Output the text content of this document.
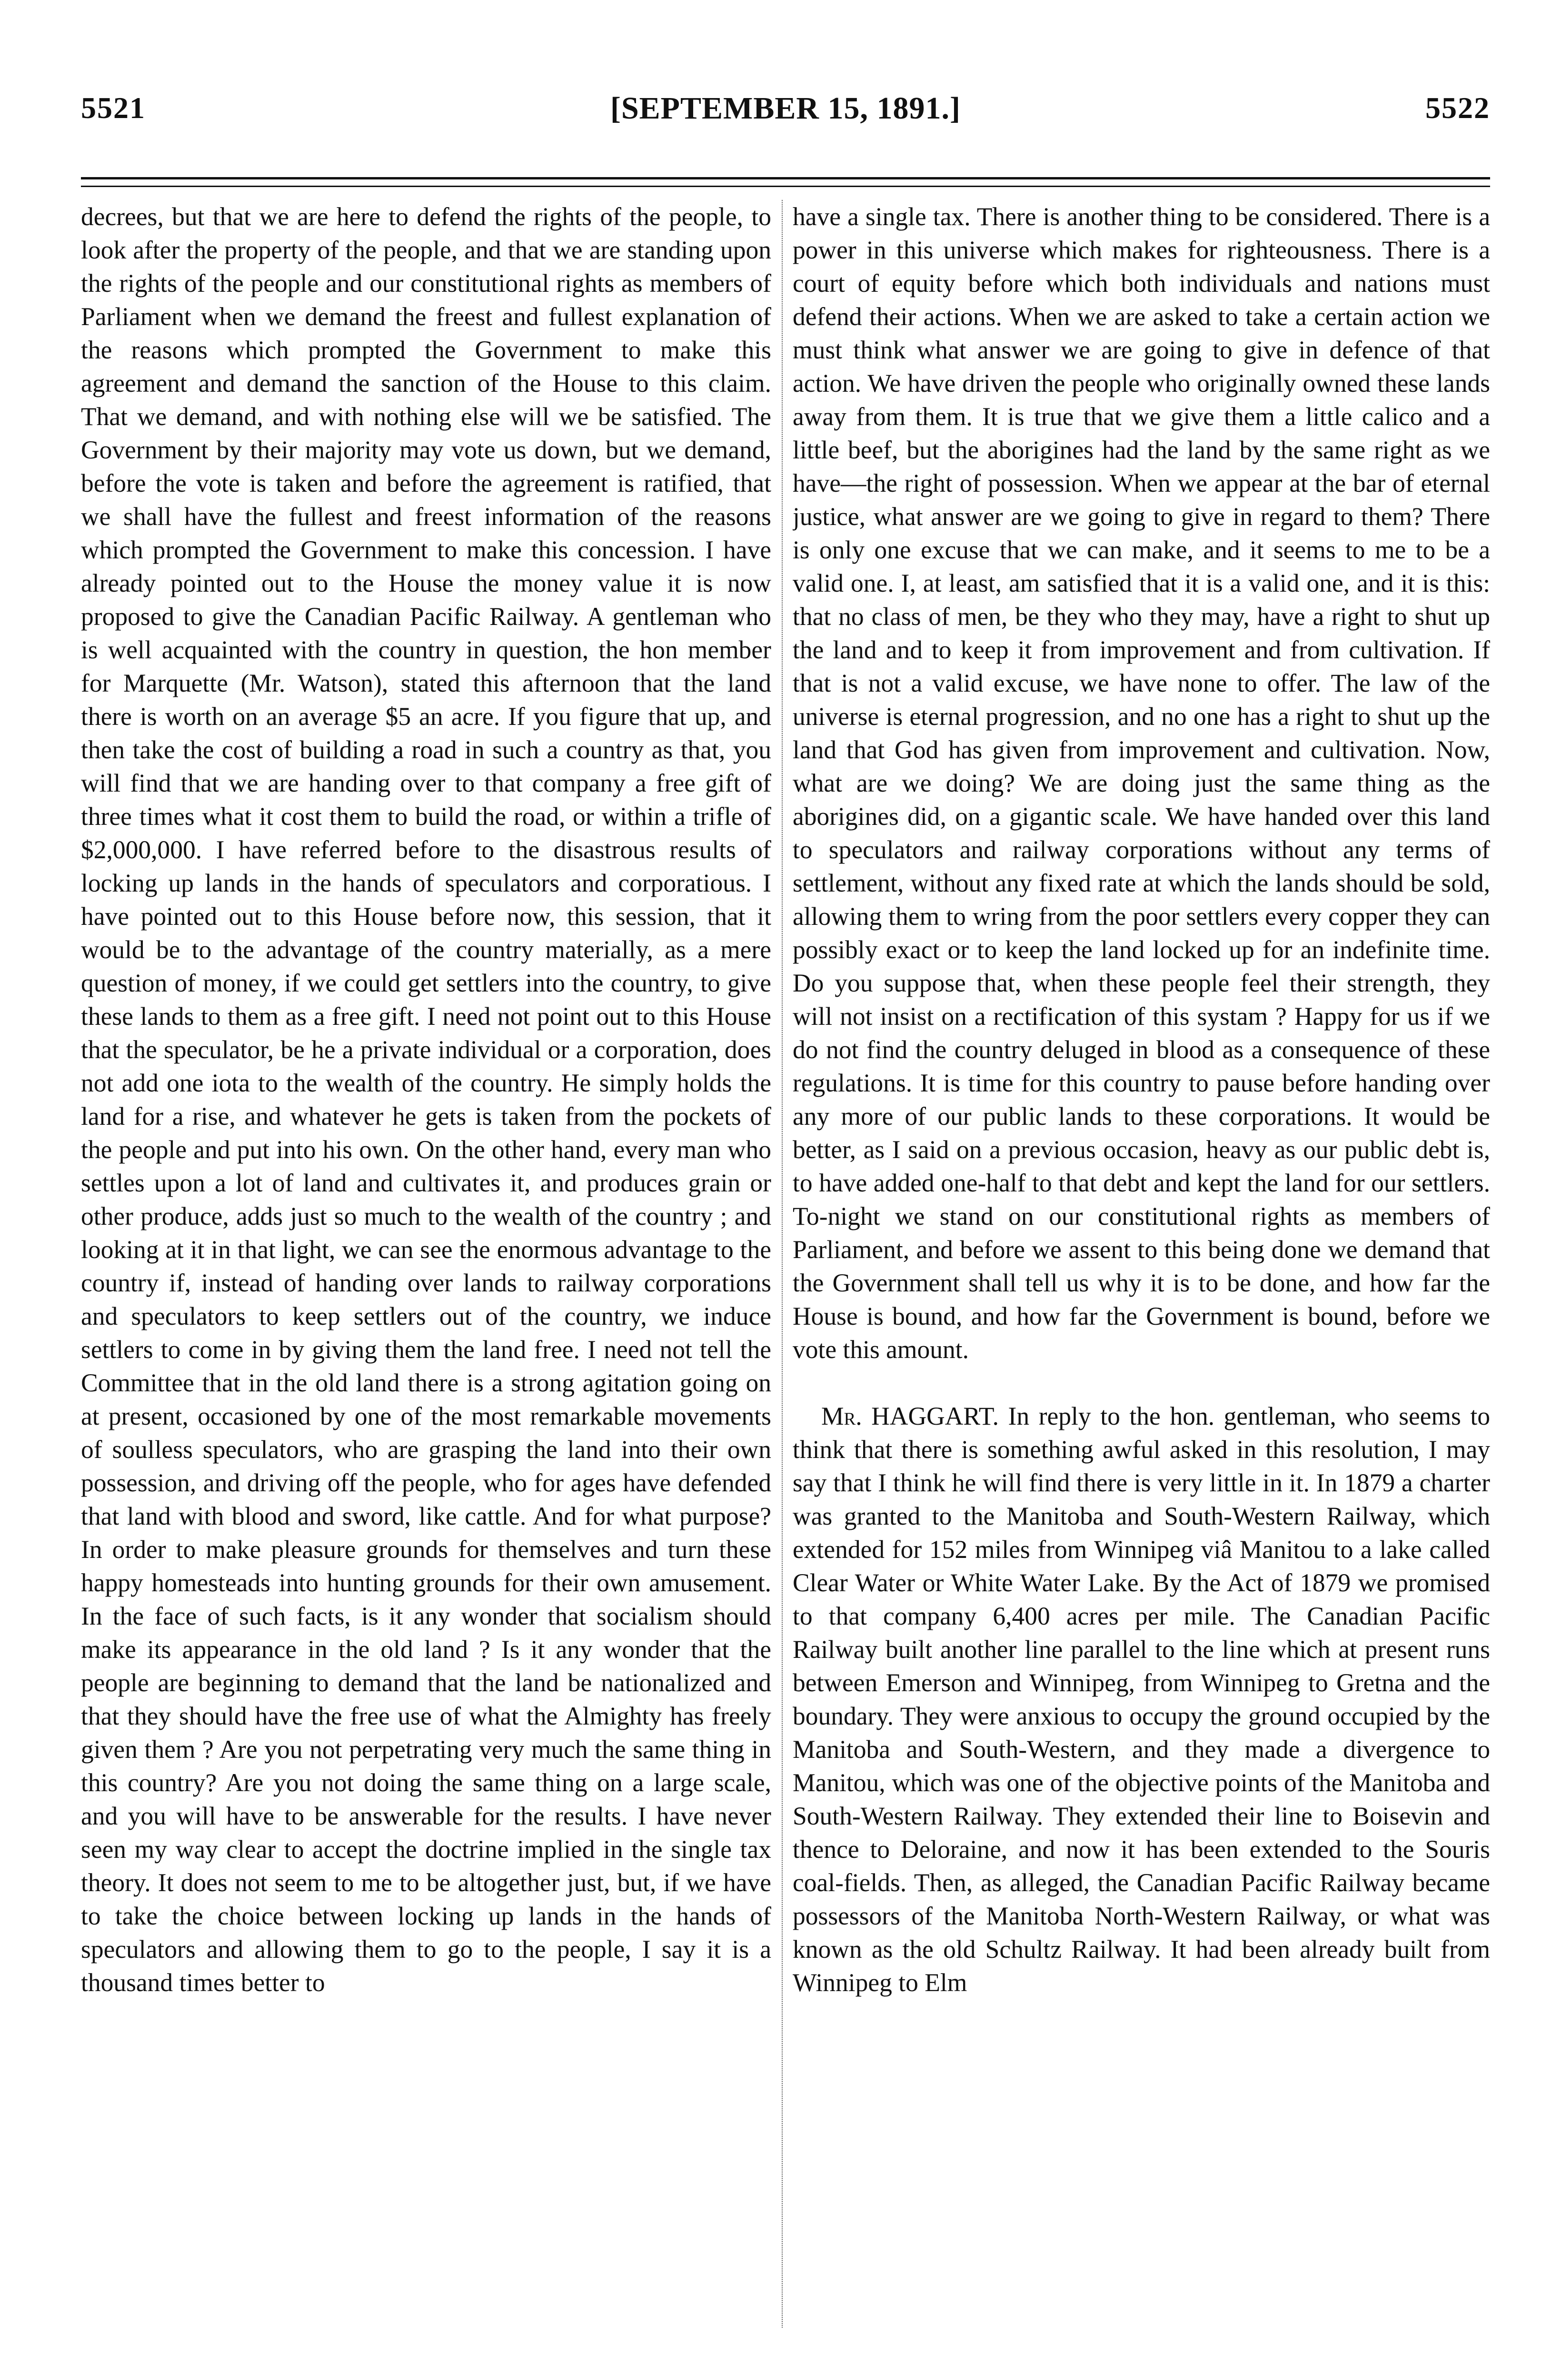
5521	[SEPTEMBER 15, 1891.]	5522

decrees, but that we are here to defend the rights of the people, to look after the property of the people, and that we are standing upon the rights of the people and our constitutional rights as members of Parliament when we demand the freest and fullest explanation of the reasons which prompted the Government to make this agreement and demand the sanction of the House to this claim. That we demand, and with nothing else will we be satisfied. The Government by their majority may vote us down, but we demand, before the vote is taken and before the agreement is ratified, that we shall have the fullest and freest information of the reasons which prompted the Government to make this concession. I have already pointed out to the House the money value it is now proposed to give the Canadian Pacific Railway. A gentleman who is well acquainted with the country in question, the hon member for Marquette (Mr. Watson), stated this afternoon that the land there is worth on an average $5 an acre. If you figure that up, and then take the cost of building a road in such a country as that, you will find that we are handing over to that company a free gift of three times what it cost them to build the road, or within a trifle of $2,000,000. I have referred before to the disastrous results of locking up lands in the hands of speculators and corporatious. I have pointed out to this House before now, this session, that it would be to the advantage of the country materially, as a mere question of money, if we could get settlers into the country, to give these lands to them as a free gift. I need not point out to this House that the speculator, be he a private individual or a corporation, does not add one iota to the wealth of the country. He simply holds the land for a rise, and whatever he gets is taken from the pockets of the people and put into his own. On the other hand, every man who settles upon a lot of land and cultivates it, and produces grain or other produce, adds just so much to the wealth of the country ; and looking at it in that light, we can see the enormous advantage to the country if, instead of handing over lands to railway corporations and speculators to keep settlers out of the country, we induce settlers to come in by giving them the land free. I need not tell the Committee that in the old land there is a strong agitation going on at present, occasioned by one of the most remarkable movements of soulless speculators, who are grasping the land into their own possession, and driving off the people, who for ages have defended that land with blood and sword, like cattle. And for what purpose? In order to make pleasure grounds for themselves and turn these happy homesteads into hunting grounds for their own amusement. In the face of such facts, is it any wonder that socialism should make its appearance in the old land ? Is it any wonder that the people are beginning to demand that the land be nationalized and that they should have the free use of what the Almighty has freely given them ? Are you not perpetrating very much the same thing in this country? Are you not doing the same thing on a large scale, and you will have to be answerable for the results. I have never seen my way clear to accept the doctrine implied in the single tax theory. It does not seem to me to be altogether just, but, if we have to take the choice between locking up lands in the hands of speculators and allowing them to go to the people, I say it is a thousand times better to

have a single tax. There is another thing to be considered. There is a power in this universe which makes for righteousness. There is a court of equity before which both individuals and nations must defend their actions. When we are asked to take a certain action we must think what answer we are going to give in defence of that action. We have driven the people who originally owned these lands away from them. It is true that we give them a little calico and a little beef, but the aborigines had the land by the same right as we have—the right of possession. When we appear at the bar of eternal justice, what answer are we going to give in regard to them? There is only one excuse that we can make, and it seems to me to be a valid one. I, at least, am satisfied that it is a valid one, and it is this: that no class of men, be they who they may, have a right to shut up the land and to keep it from improvement and from cultivation. If that is not a valid excuse, we have none to offer. The law of the universe is eternal progression, and no one has a right to shut up the land that God has given from improvement and cultivation. Now, what are we doing? We are doing just the same thing as the aborigines did, on a gigantic scale. We have handed over this land to speculators and railway corporations without any terms of settlement, without any fixed rate at which the lands should be sold, allowing them to wring from the poor settlers every copper they can possibly exact or to keep the land locked up for an indefinite time. Do you suppose that, when these people feel their strength, they will not insist on a rectification of this systam ? Happy for us if we do not find the country deluged in blood as a consequence of these regulations. It is time for this country to pause before handing over any more of our public lands to these corporations. It would be better, as I said on a previous occasion, heavy as our public debt is, to have added one-half to that debt and kept the land for our settlers. To-night we stand on our constitutional rights as members of Parliament, and before we assent to this being done we demand that the Government shall tell us why it is to be done, and how far the House is bound, and how far the Government is bound, before we vote this amount.

Mr. HAGGART. In reply to the hon. gentleman, who seems to think that there is something awful asked in this resolution, I may say that I think he will find there is very little in it. In 1879 a charter was granted to the Manitoba and South-Western Railway, which extended for 152 miles from Winnipeg viâ Manitou to a lake called Clear Water or White Water Lake. By the Act of 1879 we promised to that company 6,400 acres per mile. The Canadian Pacific Railway built another line parallel to the line which at present runs between Emerson and Winnipeg, from Winnipeg to Gretna and the boundary. They were anxious to occupy the ground occupied by the Manitoba and South-Western, and they made a divergence to Manitou, which was one of the objective points of the Manitoba and South-Western Railway. They extended their line to Boisevin and thence to Deloraine, and now it has been extended to the Souris coal-fields. Then, as alleged, the Canadian Pacific Railway became possessors of the Manitoba North-Western Railway, or what was known as the old Schultz Railway. It had been already built from Winnipeg to Elm
